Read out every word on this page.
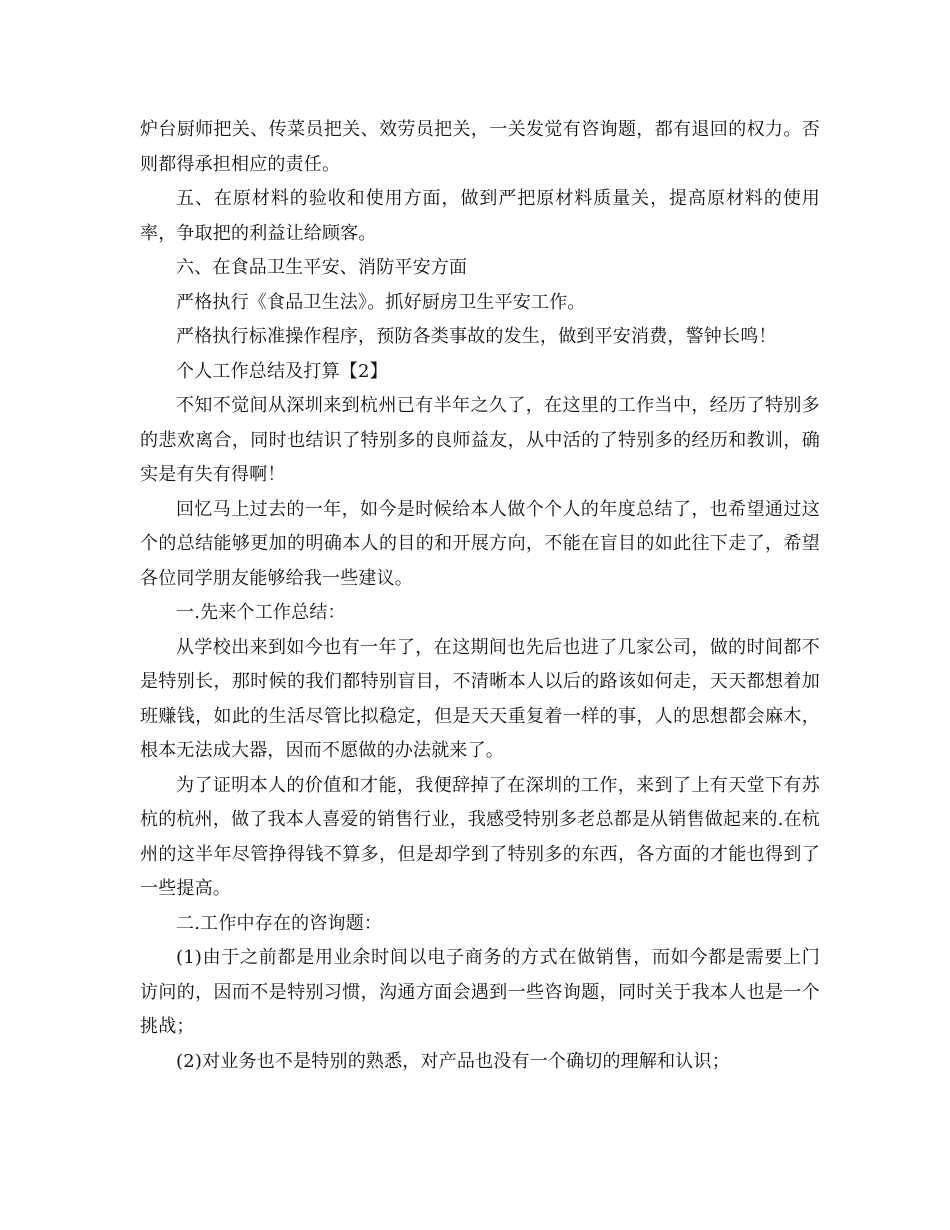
炉台厨师把关、传菜员把关、效劳员把关，一关发觉有咨询题，都有退回的权力。否则都得承担相应的责任。

五、在原材料的验收和使用方面，做到严把原材料质量关，提高原材料的使用率，争取把的利益让给顾客。

六、在食品卫生平安、消防平安方面

严格执行《食品卫生法》。抓好厨房卫生平安工作。

严格执行标准操作程序，预防各类事故的发生，做到平安消费，警钟长鸣！

个人工作总结及打算【2】

不知不觉间从深圳来到杭州已有半年之久了，在这里的工作当中，经历了特别多的悲欢离合，同时也结识了特别多的良师益友，从中活的了特别多的经历和教训，确实是有失有得啊！

回忆马上过去的一年，如今是时候给本人做个个人的年度总结了，也希望通过这个的总结能够更加的明确本人的目的和开展方向，不能在盲目的如此往下走了，希望各位同学朋友能够给我一些建议。

一.先来个工作总结：

从学校出来到如今也有一年了，在这期间也先后也进了几家公司，做的时间都不是特别长，那时候的我们都特别盲目，不清晰本人以后的路该如何走，天天都想着加班赚钱，如此的生活尽管比拟稳定，但是天天重复着一样的事，人的思想都会麻木，根本无法成大器，因而不愿做的办法就来了。

为了证明本人的价值和才能，我便辞掉了在深圳的工作，来到了上有天堂下有苏杭的杭州，做了我本人喜爱的销售行业，我感受特别多老总都是从销售做起来的.在杭州的这半年尽管挣得钱不算多，但是却学到了特别多的东西，各方面的才能也得到了一些提高。

二.工作中存在的咨询题：

(1)由于之前都是用业余时间以电子商务的方式在做销售，而如今都是需要上门访问的，因而不是特别习惯，沟通方面会遇到一些咨询题，同时关于我本人也是一个挑战；

(2)对业务也不是特别的熟悉，对产品也没有一个确切的理解和认识；
